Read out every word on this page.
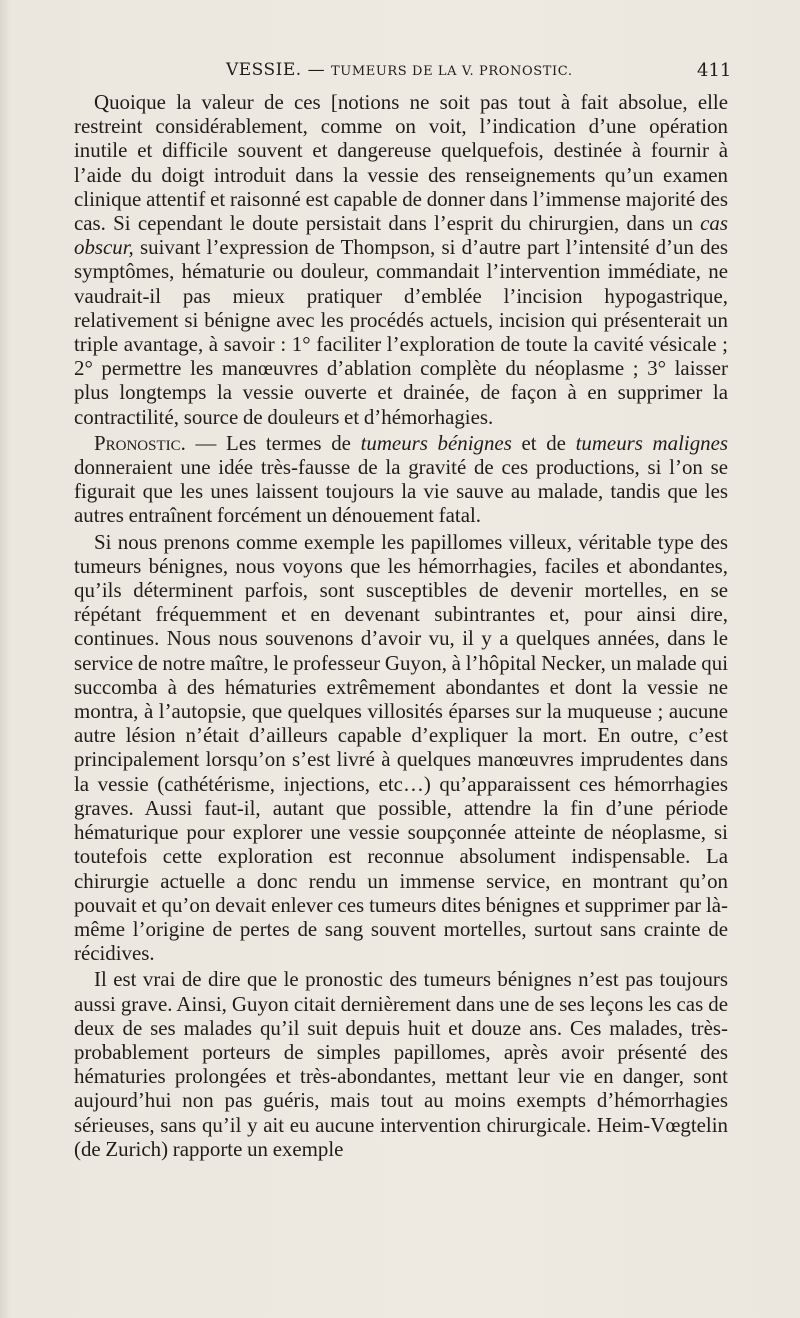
VESSIE. — TUMEURS DE LA V. PRONOSTIC.	411

Quoique la valeur de ces [notions ne soit pas tout à fait absolue, elle restreint considérablement, comme on voit, l’indication d’une opération inutile et difficile souvent et dangereuse quelquefois, destinée à fournir à l’aide du doigt introduit dans la vessie des renseignements qu’un examen clinique attentif et raisonné est capable de donner dans l’immense majorité des cas. Si cependant le doute persistait dans l’esprit du chirurgien, dans un cas obscur, suivant l’expression de Thompson, si d’autre part l’intensité d’un des symptômes, hématurie ou douleur, commandait l’intervention immédiate, ne vaudrait-il pas mieux pratiquer d’emblée l’incision hypogastrique, relativement si bénigne avec les procédés actuels, incision qui présenterait un triple avantage, à savoir : 1° faciliter l’exploration de toute la cavité vésicale ; 2° permettre les manœuvres d’ablation complète du néoplasme ; 3° laisser plus longtemps la vessie ouverte et drainée, de façon à en supprimer la contractilité, source de douleurs et d’hémorhagies.

Pronostic. — Les termes de tumeurs bénignes et de tumeurs malignes donneraient une idée très-fausse de la gravité de ces productions, si l’on se figurait que les unes laissent toujours la vie sauve au malade, tandis que les autres entraînent forcément un dénouement fatal.

Si nous prenons comme exemple les papillomes villeux, véritable type des tumeurs bénignes, nous voyons que les hémorrhagies, faciles et abondantes, qu’ils déterminent parfois, sont susceptibles de devenir mortelles, en se répétant fréquemment et en devenant subintrantes et, pour ainsi dire, continues. Nous nous souvenons d’avoir vu, il y a quelques années, dans le service de notre maître, le professeur Guyon, à l’hôpital Necker, un malade qui succomba à des hématuries extrêmement abondantes et dont la vessie ne montra, à l’autopsie, que quelques villosités éparses sur la muqueuse ; aucune autre lésion n’était d’ailleurs capable d’expliquer la mort. En outre, c’est principalement lorsqu’on s’est livré à quelques manœuvres imprudentes dans la vessie (cathétérisme, injections, etc…) qu’apparaissent ces hémorrhagies graves. Aussi faut-il, autant que possible, attendre la fin d’une période hématurique pour explorer une vessie soupçonnée atteinte de néoplasme, si toutefois cette exploration est reconnue absolument indispensable. La chirurgie actuelle a donc rendu un immense service, en montrant qu’on pouvait et qu’on devait enlever ces tumeurs dites bénignes et supprimer par là-même l’origine de pertes de sang souvent mortelles, surtout sans crainte de récidives.

Il est vrai de dire que le pronostic des tumeurs bénignes n’est pas toujours aussi grave. Ainsi, Guyon citait dernièrement dans une de ses leçons les cas de deux de ses malades qu’il suit depuis huit et douze ans. Ces malades, très-probablement porteurs de simples papillomes, après avoir présenté des hématuries prolongées et très-abondantes, mettant leur vie en danger, sont aujourd’hui non pas guéris, mais tout au moins exempts d’hémorrhagies sérieuses, sans qu’il y ait eu aucune intervention chirurgicale. Heim-Vœgtelin (de Zurich) rapporte un exemple
